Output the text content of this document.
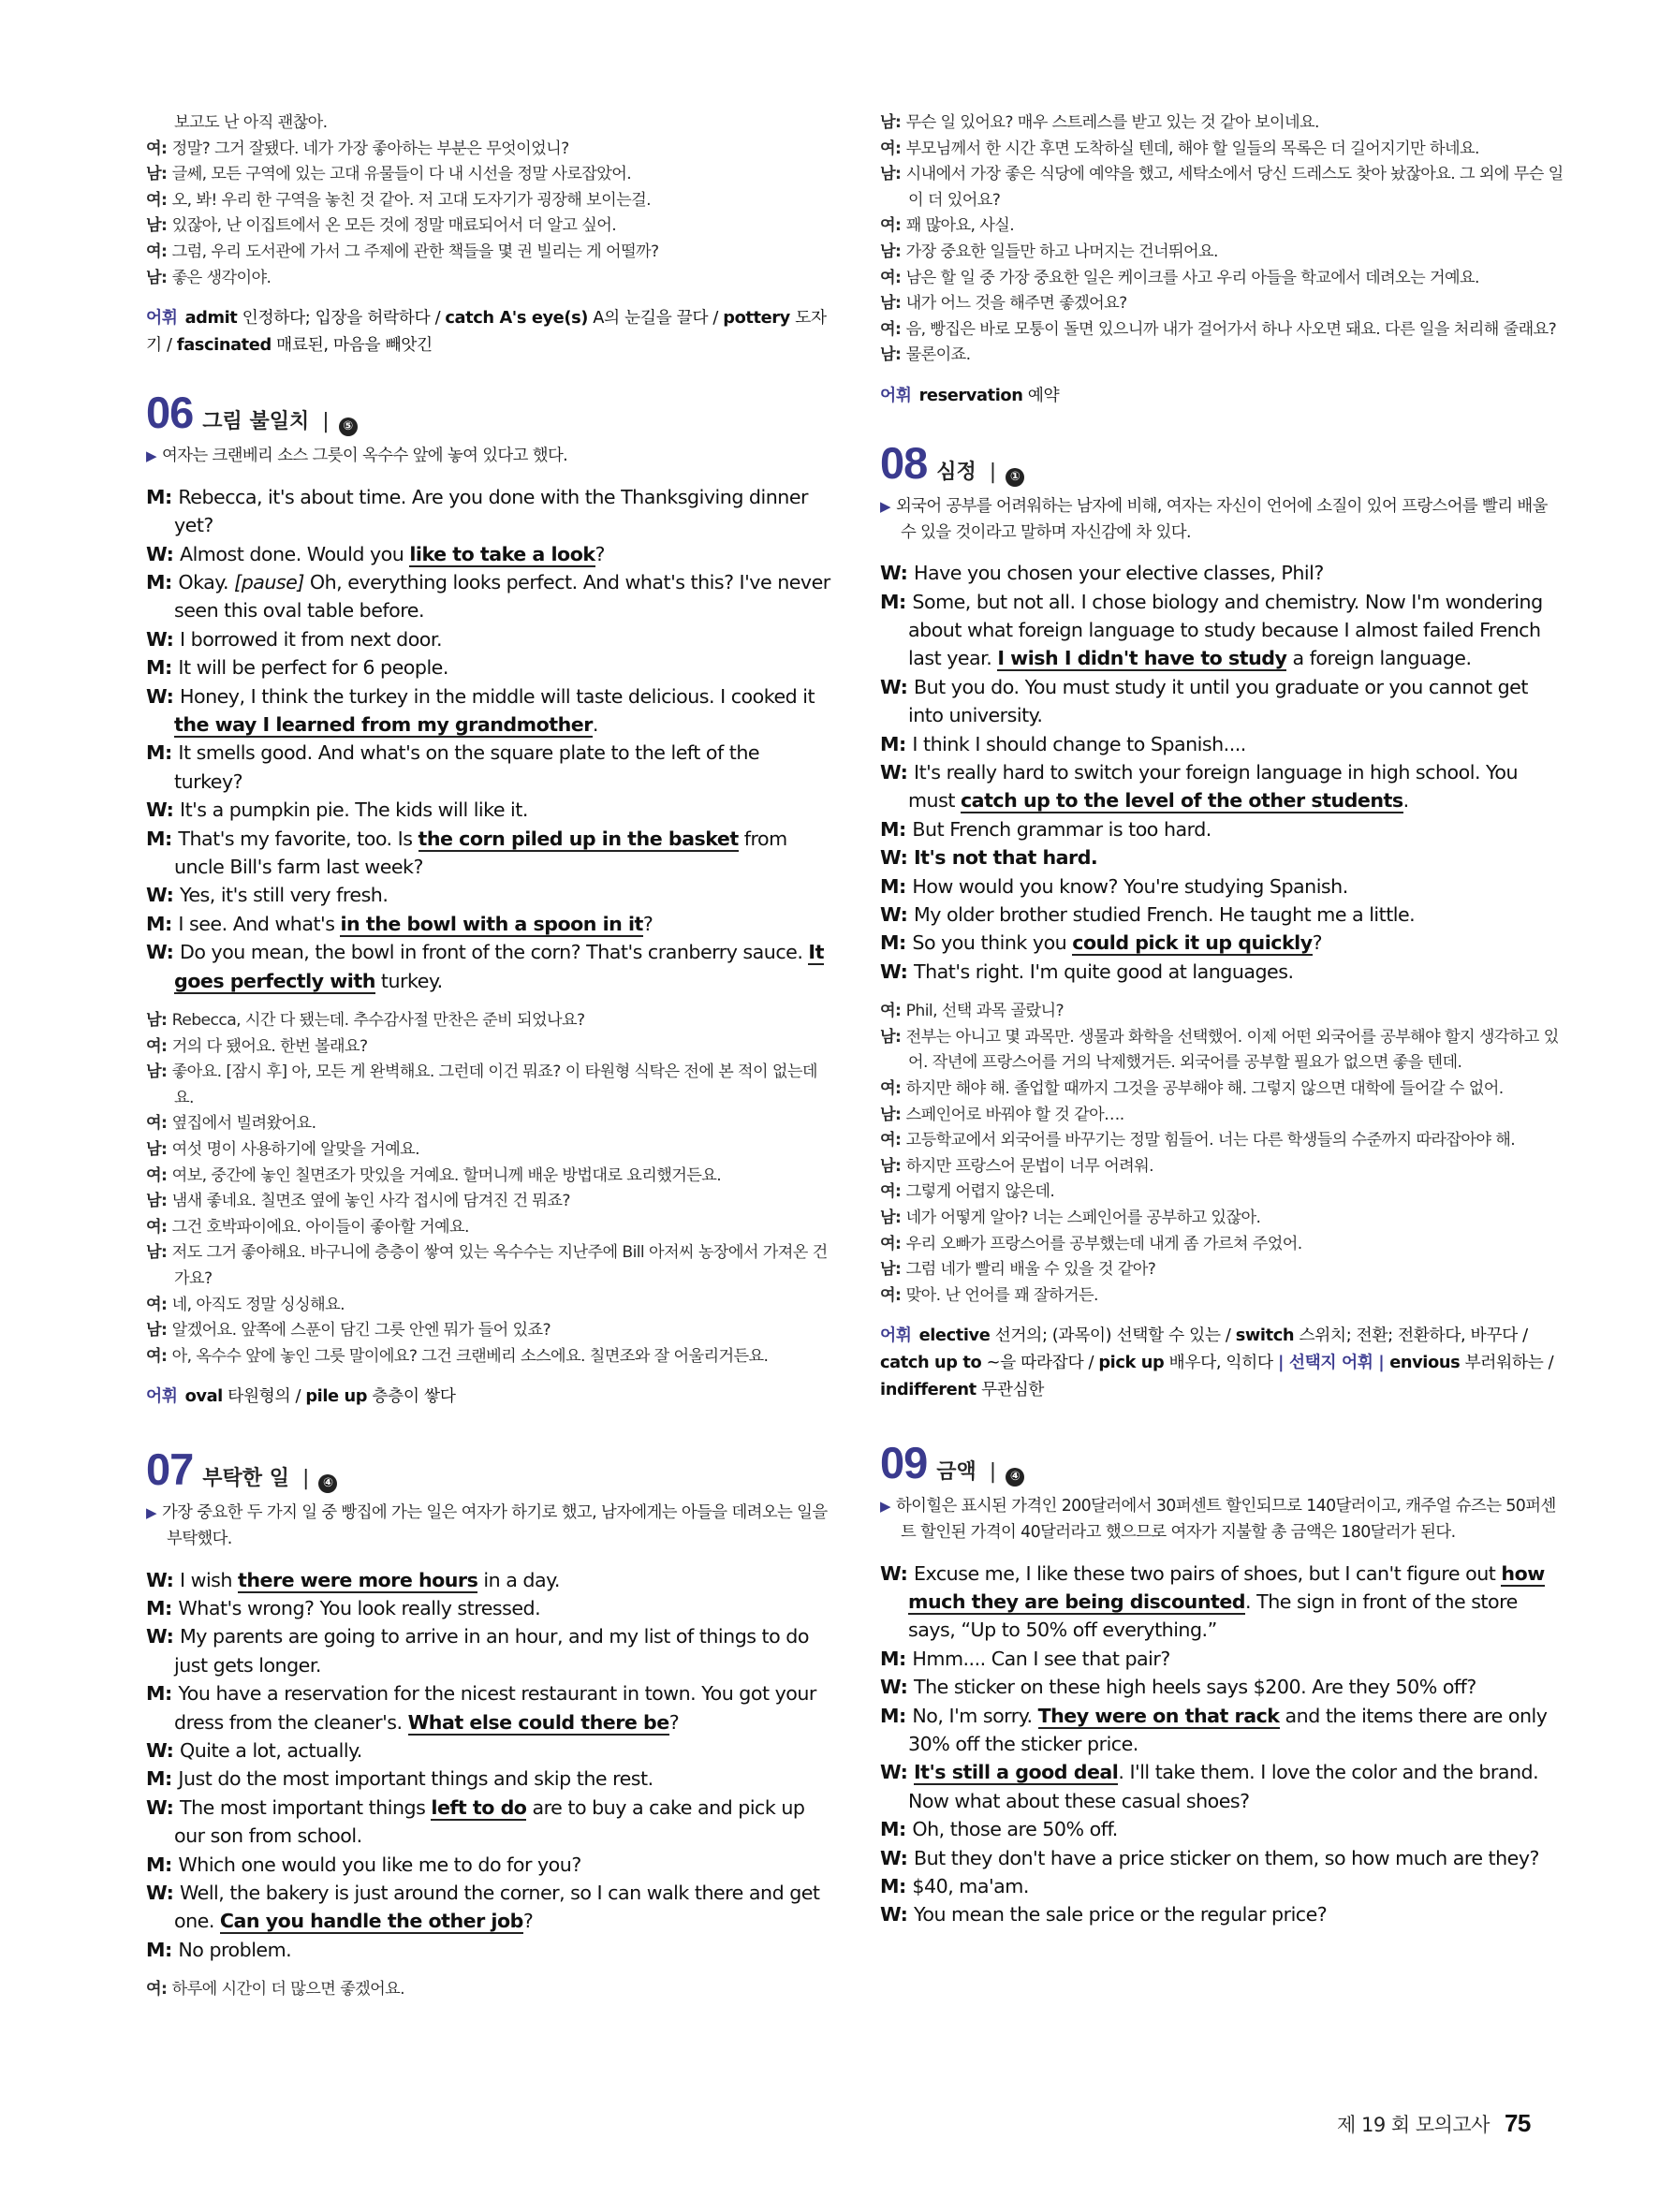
보고도 난 아직 괜찮아.
여: 정말? 그거 잘됐다. 네가 가장 좋아하는 부분은 무엇이었니?
남: 글쎄, 모든 구역에 있는 고대 유물들이 다 내 시선을 정말 사로잡았어.
여: 오, 봐! 우리 한 구역을 놓친 것 같아. 저 고대 도자기가 굉장해 보이는걸.
남: 있잖아, 난 이집트에서 온 모든 것에 정말 매료되어서 더 알고 싶어.
여: 그럼, 우리 도서관에 가서 그 주제에 관한 책들을 몇 권 빌리는 게 어떨까?
남: 좋은 생각이야.
어휘 admit 인정하다; 입장을 허락하다 / catch A's eye(s) A의 눈길을 끌다 / pottery 도자기 / fascinated 매료된, 마음을 빼앗긴
06 그림 불일치 |	⑤
▶ 여자는 크랜베리 소스 그릇이 옥수수 앞에 놓여 있다고 했다.
M: Rebecca, it's about time. Are you done with the Thanksgiving dinner yet?
W: Almost done. Would you like to take a look?
M: Okay. [pause] Oh, everything looks perfect. And what's this? I've never seen this oval table before.
W: I borrowed it from next door.
M: It will be perfect for 6 people.
W: Honey, I think the turkey in the middle will taste delicious. I cooked it the way I learned from my grandmother.
M: It smells good. And what's on the square plate to the left of the turkey?
W: It's a pumpkin pie. The kids will like it.
M: That's my favorite, too. Is the corn piled up in the basket from uncle Bill's farm last week?
W: Yes, it's still very fresh.
M: I see. And what's in the bowl with a spoon in it?
W: Do you mean, the bowl in front of the corn? That's cranberry sauce. It goes perfectly with turkey.
남: Rebecca, 시간 다 됐는데. 추수감사절 만찬은 준비 되었나요?
여: 거의 다 됐어요. 한번 볼래요?
남: 좋아요. [잠시 후] 아, 모든 게 완벽해요. 그런데 이건 뭐죠? 이 타원형 식탁은 전에 본 적이 없는데요.
여: 옆집에서 빌려왔어요.
남: 여섯 명이 사용하기에 알맞을 거예요.
여: 여보, 중간에 놓인 칠면조가 맛있을 거예요. 할머니께 배운 방법대로 요리했거든요.
남: 냄새 좋네요. 칠면조 옆에 놓인 사각 접시에 담겨진 건 뭐죠?
여: 그건 호박파이에요. 아이들이 좋아할 거예요.
남: 저도 그거 좋아해요. 바구니에 층층이 쌓여 있는 옥수수는 지난주에 Bill 아저씨 농장에서 가져온 건가요?
여: 네, 아직도 정말 싱싱해요.
남: 알겠어요. 앞쪽에 스푼이 담긴 그릇 안엔 뭐가 들어 있죠?
여: 아, 옥수수 앞에 놓인 그릇 말이에요? 그건 크랜베리 소스에요. 칠면조와 잘 어울리거든요.
어휘 oval 타원형의 / pile up 층층이 쌓다
07 부탁한 일 |	④
▶ 가장 중요한 두 가지 일 중 빵집에 가는 일은 여자가 하기로 했고, 남자에게는 아들을 데려오는 일을 부탁했다.
W: I wish there were more hours in a day.
M: What's wrong? You look really stressed.
W: My parents are going to arrive in an hour, and my list of things to do just gets longer.
M: You have a reservation for the nicest restaurant in town. You got your dress from the cleaner's. What else could there be?
W: Quite a lot, actually.
M: Just do the most important things and skip the rest.
W: The most important things left to do are to buy a cake and pick up our son from school.
M: Which one would you like me to do for you?
W: Well, the bakery is just around the corner, so I can walk there and get one. Can you handle the other job?
M: No problem.
여: 하루에 시간이 더 많으면 좋겠어요.
남: 무슨 일 있어요? 매우 스트레스를 받고 있는 것 같아 보이네요.
여: 부모님께서 한 시간 후면 도착하실 텐데, 해야 할 일들의 목록은 더 길어지기만 하네요.
남: 시내에서 가장 좋은 식당에 예약을 했고, 세탁소에서 당신 드레스도 찾아 놨잖아요. 그 외에 무슨 일이 더 있어요?
여: 꽤 많아요, 사실.
남: 가장 중요한 일들만 하고 나머지는 건너뛰어요.
여: 남은 할 일 중 가장 중요한 일은 케이크를 사고 우리 아들을 학교에서 데려오는 거예요.
남: 내가 어느 것을 해주면 좋겠어요?
여: 음, 빵집은 바로 모퉁이 돌면 있으니까 내가 걸어가서 하나 사오면 돼요. 다른 일을 처리해 줄래요?
남: 물론이죠.
어휘 reservation 예약
08 심정 |	①
▶ 외국어 공부를 어려워하는 남자에 비해, 여자는 자신이 언어에 소질이 있어 프랑스어를 빨리 배울 수 있을 것이라고 말하며 자신감에 차 있다.
W: Have you chosen your elective classes, Phil?
M: Some, but not all. I chose biology and chemistry. Now I'm wondering about what foreign language to study because I almost failed French last year. I wish I didn't have to study a foreign language.
W: But you do. You must study it until you graduate or you cannot get into university.
M: I think I should change to Spanish....
W: It's really hard to switch your foreign language in high school. You must catch up to the level of the other students.
M: But French grammar is too hard.
W: It's not that hard.
M: How would you know? You're studying Spanish.
W: My older brother studied French. He taught me a little.
M: So you think you could pick it up quickly?
W: That's right. I'm quite good at languages.
여: Phil, 선택 과목 골랐니?
남: 전부는 아니고 몇 과목만. 생물과 화학을 선택했어. 이제 어떤 외국어를 공부해야 할지 생각하고 있어. 작년에 프랑스어를 거의 낙제했거든. 외국어를 공부할 필요가 없으면 좋을 텐데.
여: 하지만 해야 해. 졸업할 때까지 그것을 공부해야 해. 그렇지 않으면 대학에 들어갈 수 없어.
남: 스페인어로 바꿔야 할 것 같아….
여: 고등학교에서 외국어를 바꾸기는 정말 힘들어. 너는 다른 학생들의 수준까지 따라잡아야 해.
남: 하지만 프랑스어 문법이 너무 어려워.
여: 그렇게 어렵지 않은데.
남: 네가 어떻게 알아? 너는 스페인어를 공부하고 있잖아.
여: 우리 오빠가 프랑스어를 공부했는데 내게 좀 가르쳐 주었어.
남: 그럼 네가 빨리 배울 수 있을 것 같아?
여: 맞아. 난 언어를 꽤 잘하거든.
어휘 elective 선거의; (과목이) 선택할 수 있는 / switch 스위치; 전환; 전환하다, 바꾸다 / catch up to ~을 따라잡다 / pick up 배우다, 익히다 | 선택지 어휘 | envious 부러워하는 / indifferent 무관심한
09 금액 |	④
▶ 하이힐은 표시된 가격인 200달러에서 30퍼센트 할인되므로 140달러이고, 캐주얼 슈즈는 50퍼센트 할인된 가격이 40달러라고 했으므로 여자가 지불할 총 금액은 180달러가 된다.
W: Excuse me, I like these two pairs of shoes, but I can't figure out how much they are being discounted. The sign in front of the store says, “Up to 50% off everything.”
M: Hmm.... Can I see that pair?
W: The sticker on these high heels says $200. Are they 50% off?
M: No, I'm sorry. They were on that rack and the items there are only 30% off the sticker price.
W: It's still a good deal. I'll take them. I love the color and the brand. Now what about these casual shoes?
M: Oh, those are 50% off.
W: But they don't have a price sticker on them, so how much are they?
M: $40, ma'am.
W: You mean the sale price or the regular price?
제 19 회 모의고사 75
